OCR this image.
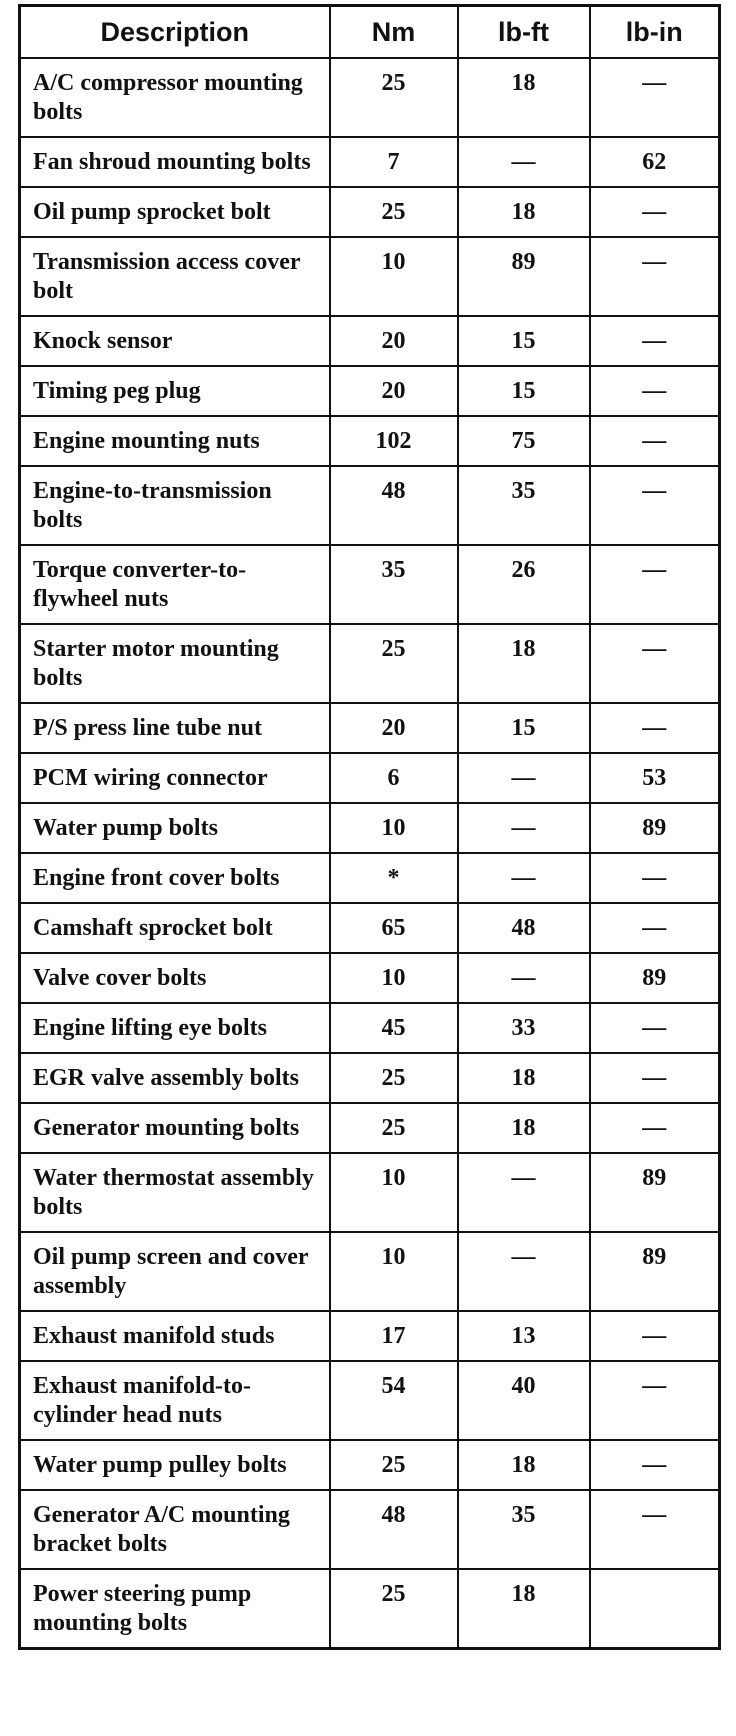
Description	Nm	lb-ft	lb-in
A/C compressor mounting bolts	25	18	—
Fan shroud mounting bolts	7	—	62
Oil pump sprocket bolt	25	18	—
Transmission access cover bolt	10	89	—
Knock sensor	20	15	—
Timing peg plug	20	15	—
Engine mounting nuts	102	75	—
Engine-to-transmission bolts	48	35	—
Torque converter-to-flywheel nuts	35	26	—
Starter motor mounting bolts	25	18	—
P/S press line tube nut	20	15	—
PCM wiring connector	6	—	53
Water pump bolts	10	—	89
Engine front cover bolts	*	—	—
Camshaft sprocket bolt	65	48	—
Valve cover bolts	10	—	89
Engine lifting eye bolts	45	33	—
EGR valve assembly bolts	25	18	—
Generator mounting bolts	25	18	—
Water thermostat assembly bolts	10	—	89
Oil pump screen and cover assembly	10	—	89
Exhaust manifold studs	17	13	—
Exhaust manifold-to-cylinder head nuts	54	40	—
Water pump pulley bolts	25	18	—
Generator A/C mounting bracket bolts	48	35	—
Power steering pump mounting bolts	25	18	
